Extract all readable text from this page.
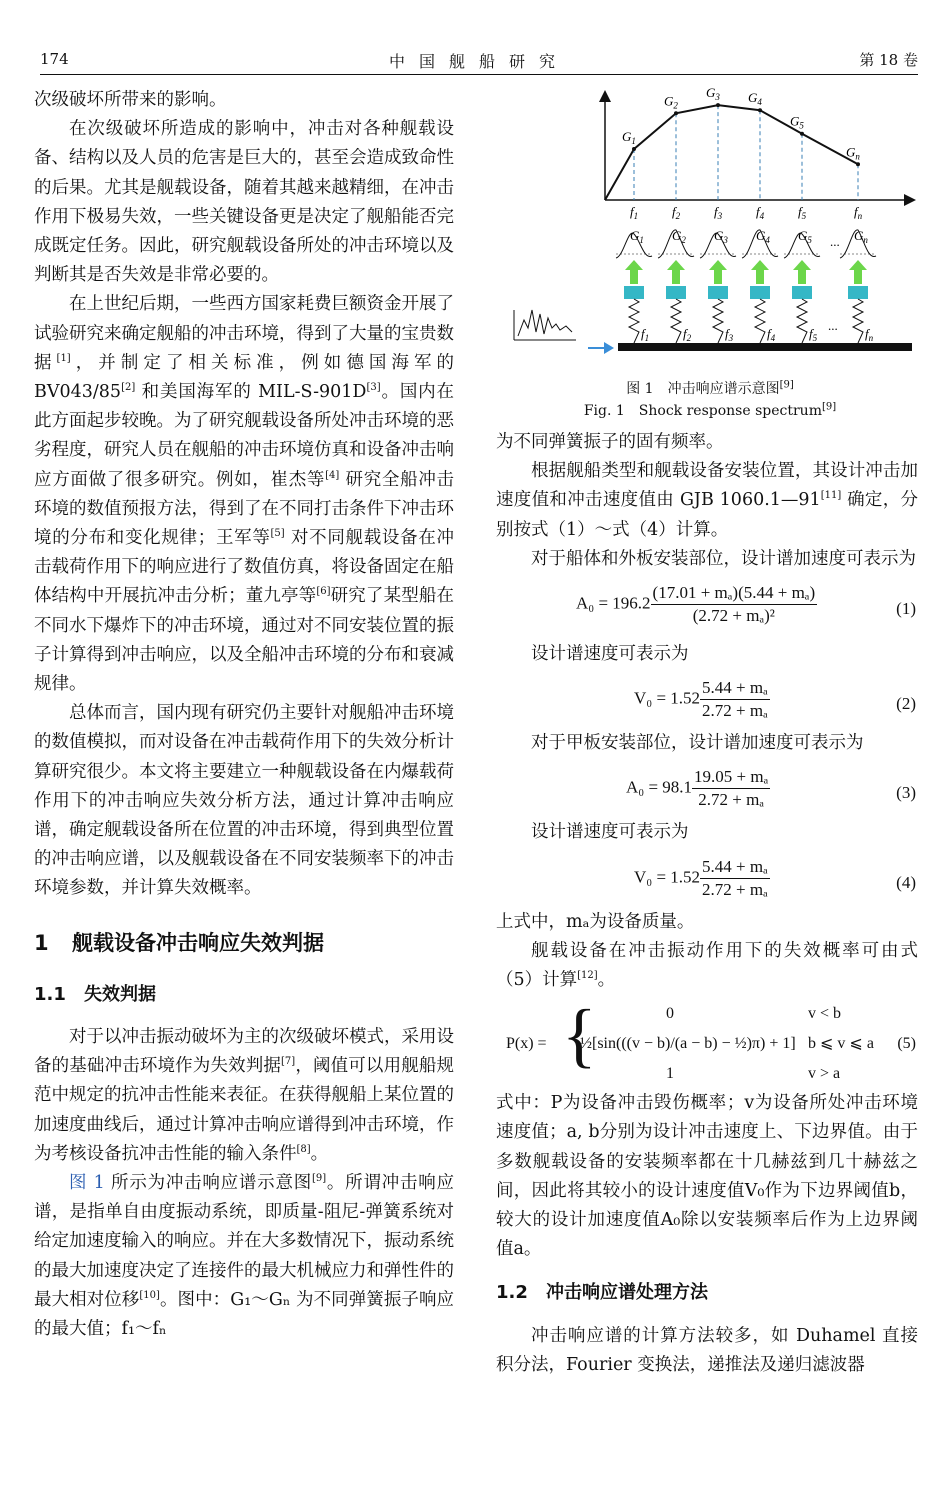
174	中国舰船研究	第 18 卷

次级破坏所带来的影响。

在次级破坏所造成的影响中，冲击对各种舰载设备、结构以及人员的危害是巨大的，甚至会造成致命性的后果。尤其是舰载设备，随着其越来越精细，在冲击作用下极易失效，一些关键设备更是决定了舰船能否完成既定任务。因此，研究舰载设备所处的冲击环境以及判断其是否失效是非常必要的。

在上世纪后期，一些西方国家耗费巨额资金开展了试验研究来确定舰船的冲击环境，得到了大量的宝贵数据[1]，并制定了相关标准，例如德国海军的 BV043/85[2] 和美国海军的 MIL-S-901D[3]。国内在此方面起步较晚。为了研究舰载设备所处冲击环境的恶劣程度，研究人员在舰船的冲击环境仿真和设备冲击响应方面做了很多研究。例如，崔杰等[4] 研究全船冲击环境的数值预报方法，得到了在不同打击条件下冲击环境的分布和变化规律；王军等[5] 对不同舰载设备在冲击载荷作用下的响应进行了数值仿真，将设备固定在船体结构中开展抗冲击分析；董九亭等[6]研究了某型船在不同水下爆炸下的冲击环境，通过对不同安装位置的振子计算得到冲击响应，以及全船冲击环境的分布和衰减规律。

总体而言，国内现有研究仍主要针对舰船冲击环境的数值模拟，而对设备在冲击载荷作用下的失效分析计算研究很少。本文将主要建立一种舰载设备在内爆载荷作用下的冲击响应失效分析方法，通过计算冲击响应谱，确定舰载设备所在位置的冲击环境，得到典型位置的冲击响应谱，以及舰载设备在不同安装频率下的冲击环境参数，并计算失效概率。

1 舰载设备冲击响应失效判据

1.1 失效判据

对于以冲击振动破坏为主的次级破坏模式，采用设备的基础冲击环境作为失效判据[7]，阈值可以用舰船规范中规定的抗冲击性能来表征。在获得舰船上某位置的加速度曲线后，通过计算冲击响应谱得到冲击环境，作为考核设备抗冲击性能的输入条件[8]。

图 1 所示为冲击响应谱示意图[9]。所谓冲击响应谱，是指单自由度振动系统，即质量-阻尼-弹簧系统对给定加速度输入的响应。并在大多数情况下，振动系统的最大加速度决定了连接件的最大机械应力和弹性件的最大相对位移[10]。图中：G₁～Gₙ 为不同弹簧振子响应的最大值；f₁～fₙ

$G_1$
$G_2$
$G_3$ $G_4$
$G_5$
$G_n$
$f_1$	$f_2$	$f_3$	$f_4$	$f_5$	$f_n$
$G_1$
$f_1$
$G_2$
$f_2$
$G_3$
$f_3$
$G_4$
$f_4$
$G_5$
$f_5$
$G_n$
$f_n$
...
...
图 1　冲击响应谱示意图[9]
Fig. 1　Shock response spectrum[9]

为不同弹簧振子的固有频率。

根据舰船类型和舰载设备安装位置，其设计冲击加速度值和冲击速度值由 GJB 1060.1—91[11] 确定，分别按式（1）～式（4）计算。

对于船体和外板安装部位，设计谱加速度可表示为

$A_0 = 196.2 \frac{\text{(17.01 + mₐ)(5.44 + mₐ)}}{\text{(2.72 + mₐ)²}}$	(1)

设计谱速度可表示为

$V_0 = 1.52 \frac{\text{5.44 + mₐ}}{\text{2.72 + mₐ}}$	(2)

对于甲板安装部位，设计谱加速度可表示为

$A_0 = 98.1 \frac{\text{19.05 + mₐ}}{\text{2.72 + mₐ}}$	(3)

设计谱速度可表示为

$V_0 = 1.52 \frac{\text{5.44 + mₐ}}{\text{2.72 + mₐ}}$	(4)

上式中，mₐ为设备质量。

舰载设备在冲击振动作用下的失效概率可由式（5）计算[12]。

P(x) = {	0	v < b
½[sin(((v − b)/(a − b) − ½)π) + 1] b ⩽ v ⩽ a
1	v > a
(5)

式中：P为设备冲击毁伤概率；v为设备所处冲击环境速度值；a, b分别为设计冲击速度上、下边界值。由于多数舰载设备的安装频率都在十几赫兹到几十赫兹之间，因此将其较小的设计速度值V₀作为下边界阈值b，较大的设计加速度值A₀除以安装频率后作为上边界阈值a。

1.2 冲击响应谱处理方法

冲击响应谱的计算方法较多，如 Duhamel 直接积分法，Fourier 变换法，递推法及递归滤波器
